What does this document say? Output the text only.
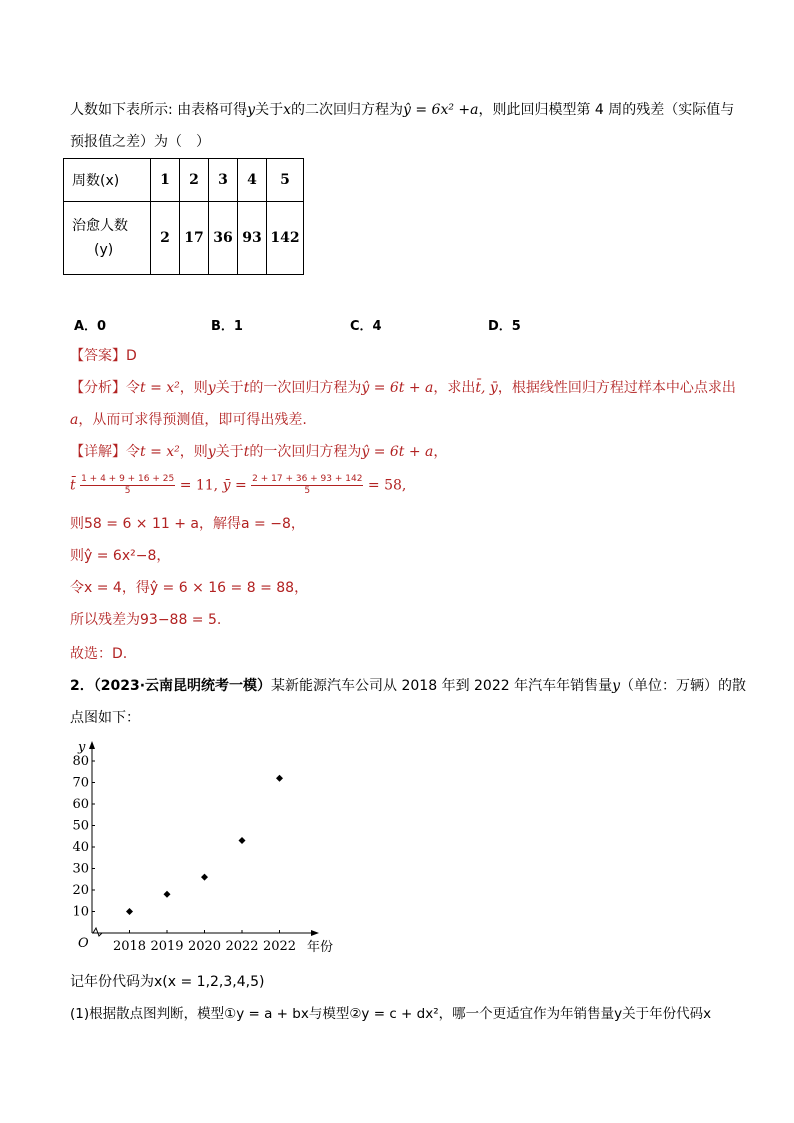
人数如下表所示: 由表格可得y关于x的二次回归方程为ŷ = 6x² +a，则此回归模型第 4 周的残差（实际值与
预报值之差）为（　）
周数(x)	1	2	3	4	5

治愈人数
(y)	2	17	36	93	142
A．0	B．1	C．4	D．5
【答案】D
【分析】令t = x²，则y关于t的一次回归方程为ŷ = 6t + a，求出t̄, ȳ，根据线性回归方程过样本中心点求出
a，从而可求得预测值，即可得出残差.
【详解】令t = x²，则y关于t的一次回归方程为ŷ = 6t + a，
t̄ $\frac{1 + 4 + 9 + 16 + 25}{5} = 11$, ȳ = $\frac{2 + 17 + 36 + 93 + 142}{5} = 58$,
则58 = 6 × 11 + a，解得a = −8，
则ŷ = 6x²−8，
令x = 4，得ŷ = 6 × 16 = 8 = 88，
所以残差为93−88 = 5.
故选：D.
2．（2023·云南昆明统考一模）某新能源汽车公司从 2018 年到 2022 年汽车年销售量y（单位：万辆）的散
点图如下：
y
O	年份
10
20
30
40
50
60
70
80
2018 2019 2020 2022 2022
记年份代码为x(x = 1,2,3,4,5)
(1)根据散点图判断，模型①y = a + bx与模型②y = c + dx²，哪一个更适宜作为年销售量y关于年份代码x
